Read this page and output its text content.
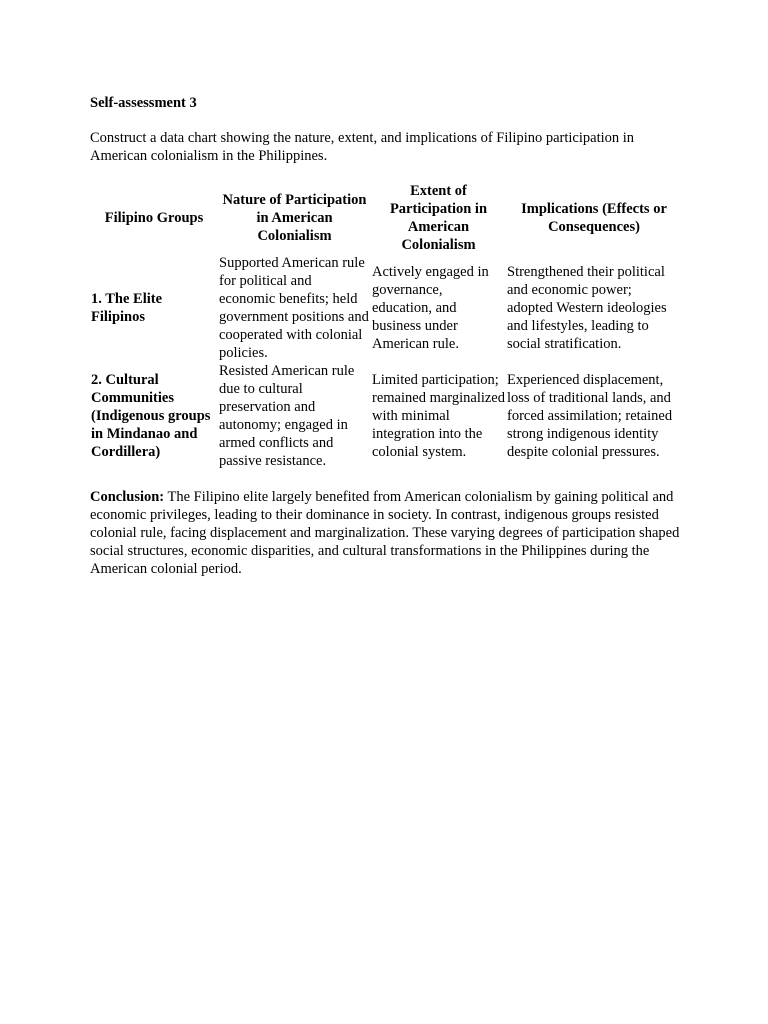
Self-assessment 3

Construct a data chart showing the nature, extent, and implications of Filipino participation in American colonialism in the Philippines.

Filipino Groups	Nature of Participation in American Colonialism	Extent of Participation in American Colonialism	Implications (Effects or Consequences)
1. The Elite Filipinos	Supported American rule for political and economic benefits; held government positions and cooperated with colonial policies.	Actively engaged in governance, education, and business under American rule.	Strengthened their political and economic power; adopted Western ideologies and lifestyles, leading to social stratification.
2. Cultural Communities (Indigenous groups in Mindanao and Cordillera)	Resisted American rule due to cultural preservation and autonomy; engaged in armed conflicts and passive resistance.	Limited participation; remained marginalized with minimal integration into the colonial system.	Experienced displacement, loss of traditional lands, and forced assimilation; retained strong indigenous identity despite colonial pressures.

Conclusion: The Filipino elite largely benefited from American colonialism by gaining political and economic privileges, leading to their dominance in society. In contrast, indigenous groups resisted colonial rule, facing displacement and marginalization. These varying degrees of participation shaped social structures, economic disparities, and cultural transformations in the Philippines during the American colonial period.
